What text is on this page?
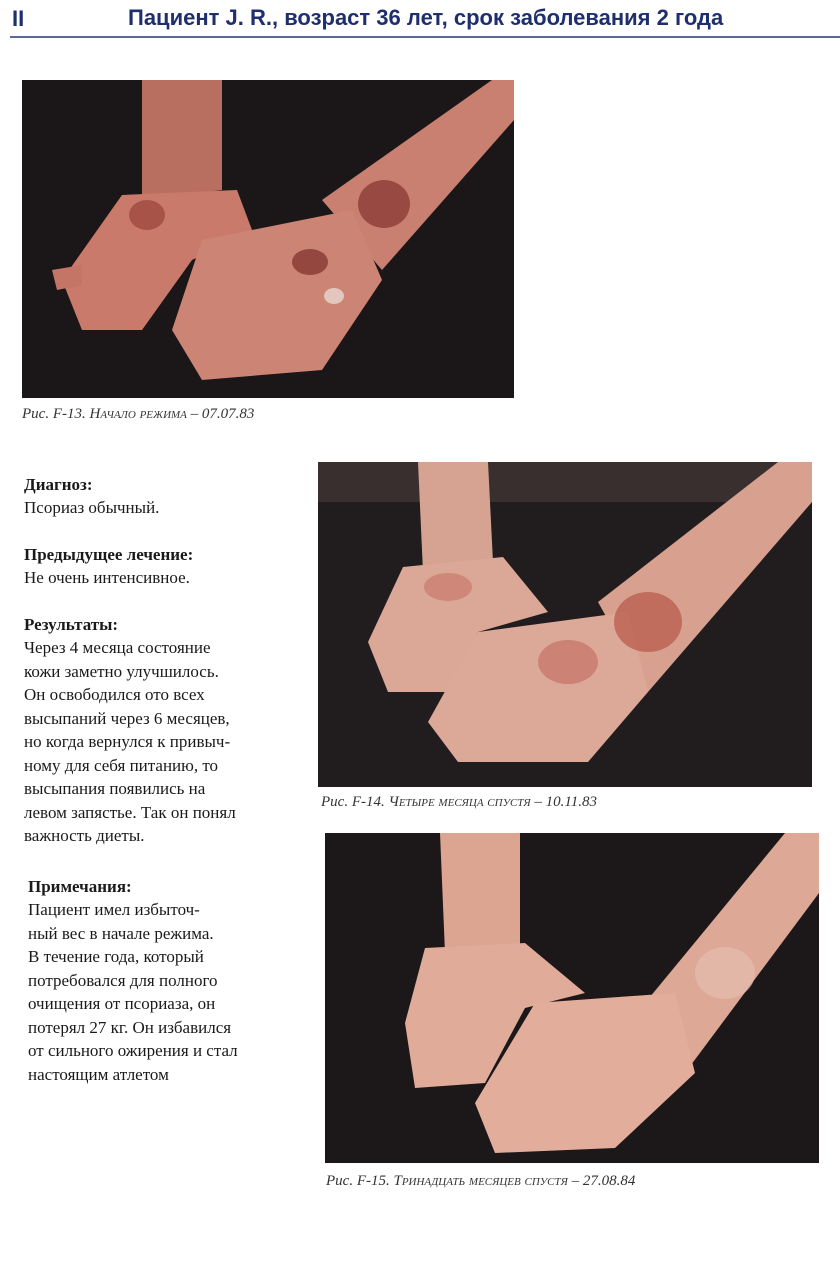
II	Пациент J. R., возраст 36 лет, срок заболевания 2 года
Рис. F-13. Начало режима – 07.07.83
Диагноз:

Псориаз обычный.

Предыдущее лечение:

Не очень интенсивное.

Результаты:

Через 4 месяца состояние

кожи заметно улучшилось.

Он освободился ото всех

высыпаний через 6 месяцев,

но когда вернулся к привыч-

ному для себя питанию, то

высыпания появились на

левом запястье. Так он понял

важность диеты.

Примечания:

Пациент имел избыточ-

ный вес в начале режима.

В течение года, который

потребовался для полного

очищения от псориаза, он

потерял 27 кг. Он избавился

от сильного ожирения и стал

настоящим атлетом

Рис. F-14. Четыре месяца спустя – 10.11.83
Рис. F-15. Тринадцать месяцев спустя – 27.08.84
